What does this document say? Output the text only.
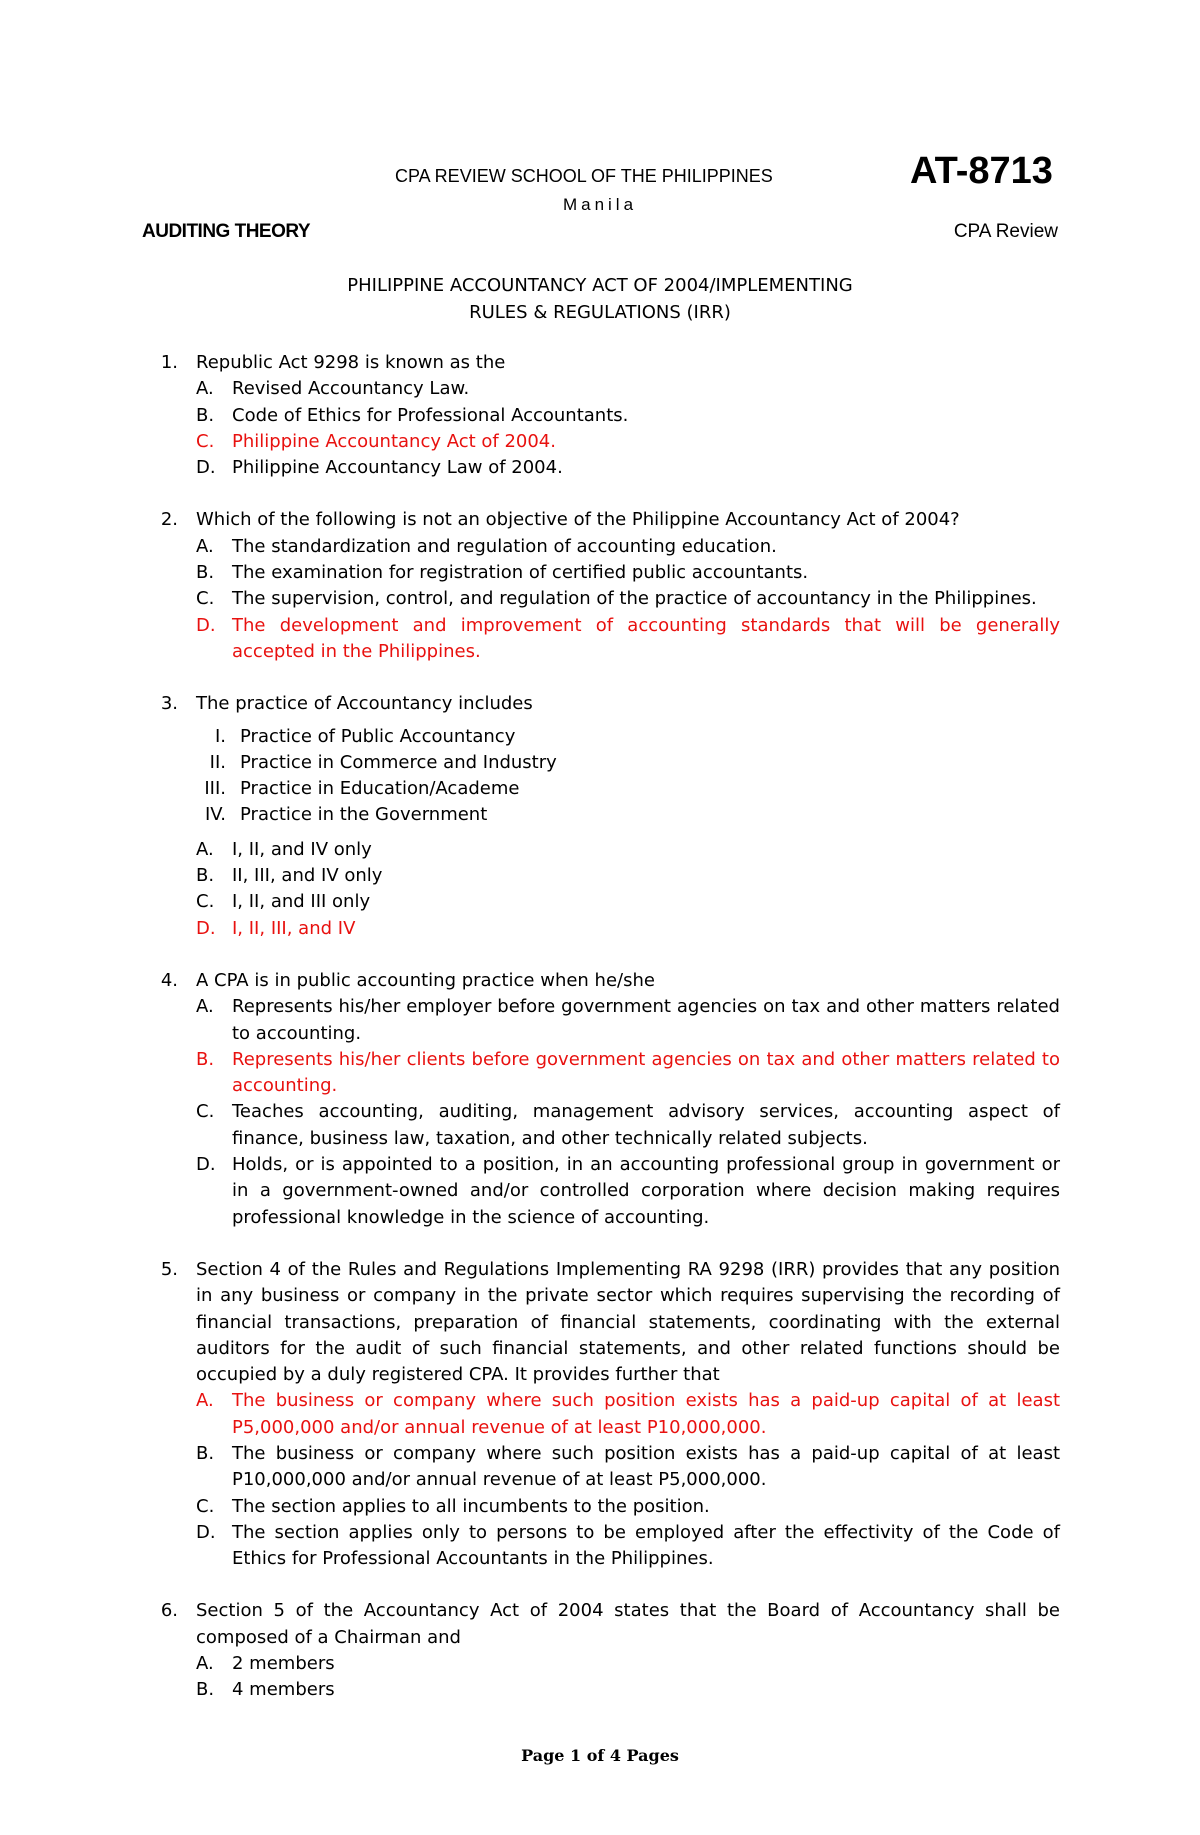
CPA REVIEW SCHOOL OF THE PHILIPPINES	AT-8713
Manila
AUDITING THEORY	CPA Review
PHILIPPINE ACCOUNTANCY ACT OF 2004/IMPLEMENTING
RULES & REGULATIONS (IRR)
1. Republic Act 9298 is known as the
A. Revised Accountancy Law.
B. Code of Ethics for Professional Accountants.
C. Philippine Accountancy Act of 2004.
D. Philippine Accountancy Law of 2004.
2. Which of the following is not an objective of the Philippine Accountancy Act of 2004?
A. The standardization and regulation of accounting education.
B. The examination for registration of certified public accountants.
C. The supervision, control, and regulation of the practice of accountancy in the Philippines.
D. The development and improvement of accounting standards that will be generally accepted in the Philippines.
3. The practice of Accountancy includes
I. Practice of Public Accountancy
II. Practice in Commerce and Industry
III. Practice in Education/Academe
IV. Practice in the Government
A. I, II, and IV only
B. II, III, and IV only
C. I, II, and III only
D. I, II, III, and IV
4. A CPA is in public accounting practice when he/she
A. Represents his/her employer before government agencies on tax and other matters related to accounting.
B. Represents his/her clients before government agencies on tax and other matters related to accounting.
C. Teaches accounting, auditing, management advisory services, accounting aspect of finance, business law, taxation, and other technically related subjects.
D. Holds, or is appointed to a position, in an accounting professional group in government or in a government-owned and/or controlled corporation where decision making requires professional knowledge in the science of accounting.
5. Section 4 of the Rules and Regulations Implementing RA 9298 (IRR) provides that any position in any business or company in the private sector which requires supervising the recording of financial transactions, preparation of financial statements, coordinating with the external auditors for the audit of such financial statements, and other related functions should be occupied by a duly registered CPA. It provides further that
A. The business or company where such position exists has a paid-up capital of at least P5,000,000 and/or annual revenue of at least P10,000,000.
B. The business or company where such position exists has a paid-up capital of at least P10,000,000 and/or annual revenue of at least P5,000,000.
C. The section applies to all incumbents to the position.
D. The section applies only to persons to be employed after the effectivity of the Code of Ethics for Professional Accountants in the Philippines.
6. Section 5 of the Accountancy Act of 2004 states that the Board of Accountancy shall be composed of a Chairman and
A. 2 members
B. 4 members
Page 1 of 4 Pages
